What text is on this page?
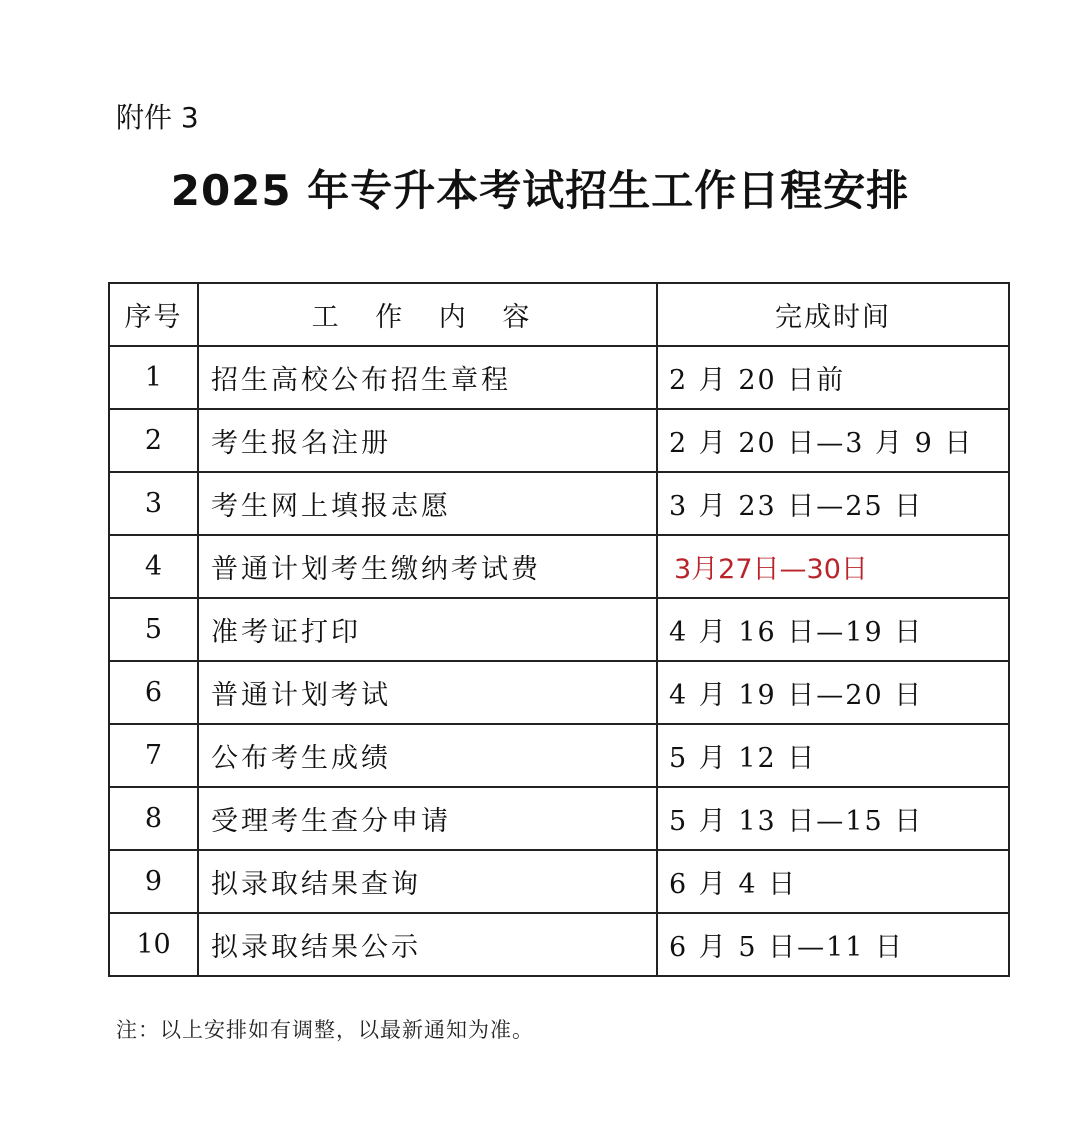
附件 3
2025 年专升本考试招生工作日程安排
序号	工 作 内 容	完成时间
1	招生高校公布招生章程	2 月 20 日前
2	考生报名注册	2 月 20 日—3 月 9 日
3	考生网上填报志愿	3 月 23 日—25 日
4	普通计划考生缴纳考试费	3月27日—30日
5	准考证打印	4 月 16 日—19 日
6	普通计划考试	4 月 19 日—20 日
7	公布考生成绩	5 月 12 日
8	受理考生查分申请	5 月 13 日—15 日
9	拟录取结果查询	6 月 4 日
10	拟录取结果公示	6 月 5 日—11 日
注：以上安排如有调整，以最新通知为准。
